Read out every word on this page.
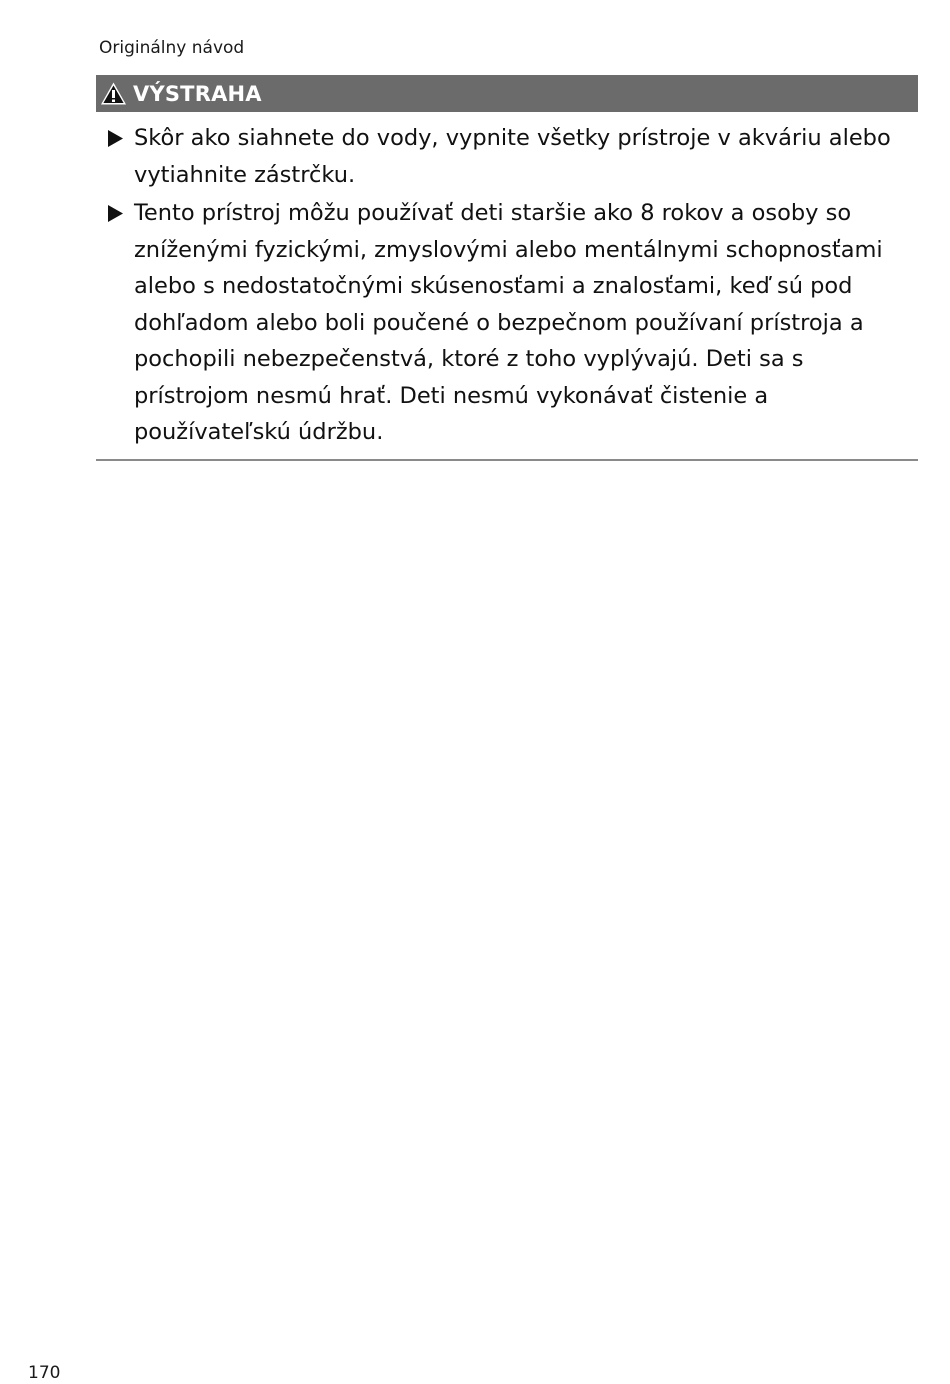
Originálny návod
VÝSTRAHA
Skôr ako siahnete do vody, vypnite všetky prístroje v akváriu alebo vytiahnite zástrčku.
Tento prístroj môžu používať deti staršie ako 8 rokov a osoby so zníženými fyzickými, zmyslovými alebo mentálnymi schopnosťami alebo s nedostatočnými skúsenosťami a znalosťami, keď sú pod dohľadom alebo boli poučené o bezpečnom používaní prístroja a pochopili nebezpečenstvá, ktoré z toho vyplývajú. Deti sa s prístrojom nesmú hrať. Deti nesmú vykonávať čistenie a používateľskú údržbu.
170
